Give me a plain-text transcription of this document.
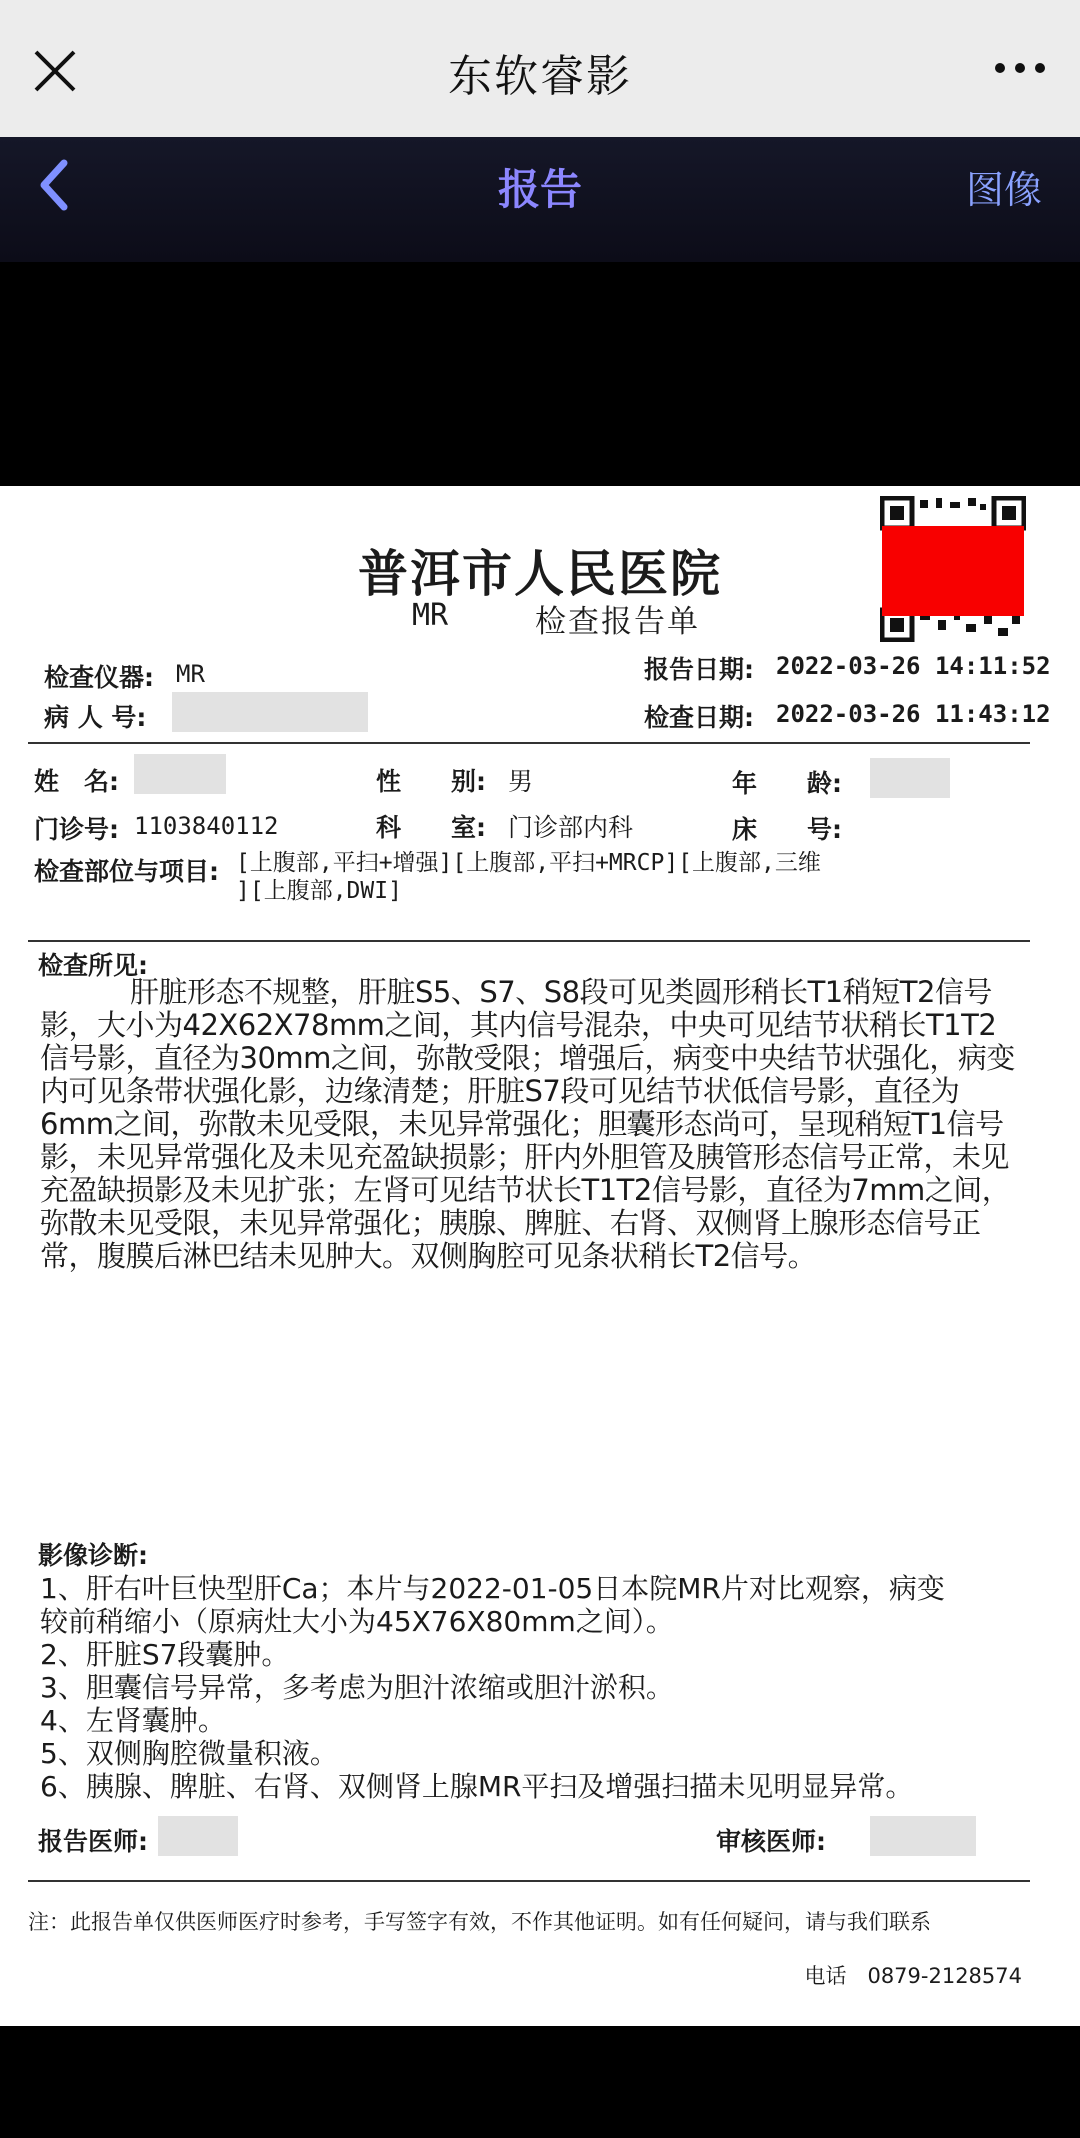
东软睿影
报告	图像
普洱市人民医院
MR	检查报告单
检查仪器: MR	报告日期: 2022-03-26 14:11:52
病 人 号:	检查日期: 2022-03-26 11:43:12
姓　名:	性　　别: 男	年　　龄:
门诊号: 1103840112	科　　室: 门诊部内科	床　　号:
检查部位与项目: [上腹部,平扫+增强][上腹部,平扫+MRCP][上腹部,三维
][上腹部,DWI]
检查所见:
肝脏形态不规整，肝脏S5、S7、S8段可见类圆形稍长T1稍短T2信号影，大小为42X62X78mm之间，其内信号混杂，中央可见结节状稍长T1T2信号影，直径为30mm之间，弥散受限；增强后，病变中央结节状强化，病变内可见条带状强化影，边缘清楚；肝脏S7段可见结节状低信号影，直径为6mm之间，弥散未见受限，未见异常强化；胆囊形态尚可，呈现稍短T1信号影，未见异常强化及未见充盈缺损影；肝内外胆管及胰管形态信号正常，未见充盈缺损影及未见扩张；左肾可见结节状长T1T2信号影，直径为7mm之间，弥散未见受限，未见异常强化；胰腺、脾脏、右肾、双侧肾上腺形态信号正常，腹膜后淋巴结未见肿大。双侧胸腔可见条状稍长T2信号。
影像诊断:
1、肝右叶巨快型肝Ca；本片与2022-01-05日本院MR片对比观察，病变
较前稍缩小（原病灶大小为45X76X80mm之间）。
2、肝脏S7段囊肿。
3、胆囊信号异常，多考虑为胆汁浓缩或胆汁淤积。
4、左肾囊肿。
5、双侧胸腔微量积液。
6、胰腺、脾脏、右肾、双侧肾上腺MR平扫及增强扫描未见明显异常。
报告医师:	审核医师:
注：此报告单仅供医师医疗时参考，手写签字有效，不作其他证明。如有任何疑问，请与我们联系
电话　0879-2128574
